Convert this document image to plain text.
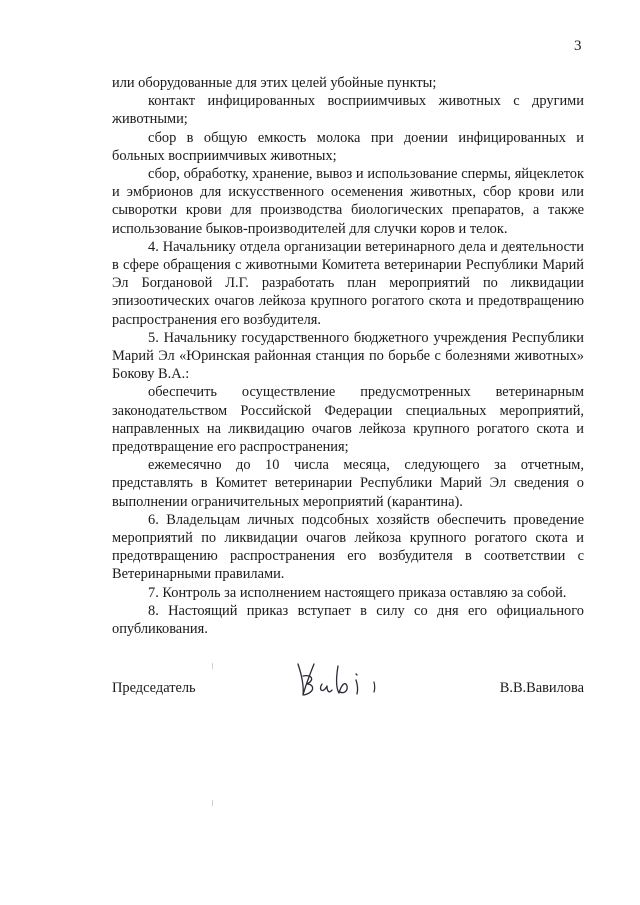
3

или оборудованные для этих целей убойные пункты;

контакт инфицированных восприимчивых животных с другими животными;

сбор в общую емкость молока при доении инфицированных и больных восприимчивых животных;

сбор, обработку, хранение, вывоз и использование спермы, яйцеклеток и эмбрионов для искусственного осеменения животных, сбор крови или сыворотки крови для производства биологических препаратов, а также использование быков-производителей для случки коров и телок.

4. Начальнику отдела организации ветеринарного дела и деятельности в сфере обращения с животными Комитета ветеринарии Республики Марий Эл Богдановой Л.Г. разработать план мероприятий по ликвидации эпизоотических очагов лейкоза крупного рогатого скота и предотвращению распространения его возбудителя.

5. Начальнику государственного бюджетного учреждения Республики Марий Эл «Юринская районная станция по борьбе с болезнями животных» Бокову В.А.:

обеспечить осуществление предусмотренных ветеринарным законодательством Российской Федерации специальных мероприятий, направленных на ликвидацию очагов лейкоза крупного рогатого скота и предотвращение его распространения;

ежемесячно до 10 числа месяца, следующего за отчетным, представлять в Комитет ветеринарии Республики Марий Эл сведения о выполнении ограничительных мероприятий (карантина).

6. Владельцам личных подсобных хозяйств обеспечить проведение мероприятий по ликвидации очагов лейкоза крупного рогатого скота и предотвращению распространения его возбудителя в соответствии с Ветеринарными правилами.

7. Контроль за исполнением настоящего приказа оставляю за собой.

8. Настоящий приказ вступает в силу со дня его официального опубликования.

Председатель	В.В.Вавилова
